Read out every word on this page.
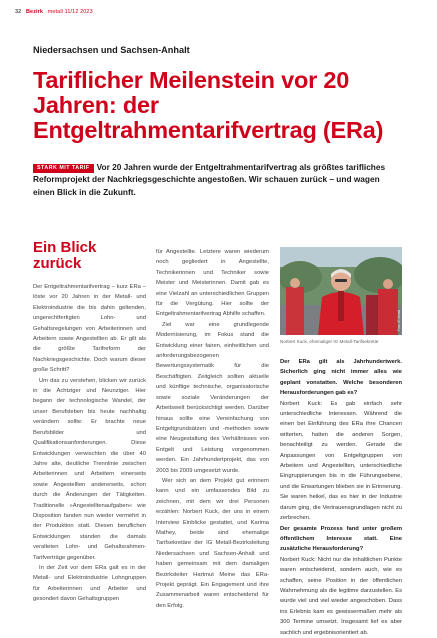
32 Bezirk metall 11/12 2023
Niedersachsen und Sachsen-Anhalt
Tariflicher Meilenstein vor 20 Jahren: der Entgeltrahmentarifvertrag (ERa)
STARK MIT TARIF Vor 20 Jahren wurde der Entgeltrahmentarifvertrag als größtes tarifliches Reformprojekt der Nachkriegsgeschichte angestoßen. Wir schauen zurück – und wagen einen Blick in die Zukunft.
Ein Blick zurück

Der Entgeltrahmentarifvertrag – kurz ERa – löste vor 20 Jahren in der Metall- und Elektroindustrie die bis dahin geltenden, ungerechtfertigten Lohn- und Gehaltsregelungen von Arbeiterinnen und Arbeitern sowie Angestellten ab. Er gilt als die größte Tarifreform der Nachkriegsgeschichte. Doch warum dieser große Schritt?

Um das zu verstehen, blicken wir zurück in die Achtziger und Neunziger. Hier begann der technologische Wandel, der unser Berufsleben bis heute nachhaltig verändern sollte: Er brachte neue Berufsbilder und Qualifikationsanforderungen. Diese Entwicklungen verwischten die über 40 Jahre alte, deutliche Trennlinie zwischen Arbeiterinnen und Arbeitern einerseits sowie Angestellten andererseits, schon durch die Änderungen der Tätigkeiten. Traditionelle »Angestelltenaufgaben« wie Disposition fanden nun wieder vermehrt in der Produktion statt. Diesen beruflichen Entwicklungen standen die damals veralteten Lohn- und Gehaltsrahmen-Tarifverträge gegenüber.

In der Zeit vor dem ERa galt es in der Metall- und Elektroindustrie Lohngruppen für Arbeiterinnen und Arbeiter und gesondert davon Gehaltsgruppen

für Angestellte. Letztere waren wiederum noch gegliedert in Angestellte, Technikerinnen und Techniker sowie Meister und Meisterinnen. Damit gab es eine Vielzahl an unterschiedlichen Gruppen für die Vergütung. Hier sollte der Entgeltrahmentarifvertrag Abhilfe schaffen.

Ziel war eine grundlegende Modernisierung, im Fokus stand die Entwicklung einer fairen, einheitlichen und anforderungsbezogenen Bewertungssystematik für die Beschäftigten. Zeitgleich sollten aktuelle und künftige technische, organisatorische sowie soziale Veränderungen der Arbeitswelt berücksichtigt werden. Darüber hinaus sollte eine Vereinfachung von Entgeltgrundsätzen und -methoden sowie eine Neugestaltung des Verhältnisses von Entgelt und Leistung vorgenommen werden. Ein Jahrhundertprojekt, das von 2003 bis 2009 umgesetzt wurde.

Wer sich an dem Projekt gut erinnern kann und ein umfassendes Bild zu zeichnen, mit dem wir drei Personen erzählen: Norbert Kuck, der uns in einem Interview Einblicke gestattet, und Karima Mathey, beide sind ehemalige Tarifsekretäre der IG Metall-Bezirksleitung Niedersachsen und Sachsen-Anhalt und haben gemeinsam mit dem damaligen Bezirksleiter Hartmut Meine das ERa-Projekt geprägt. Ein Engagement und ihre Zusammenarbeit waren entscheidend für den Erfolg.

Foto: IG Metall
Norbert Kuck, ehemaliger IG Metall-Tarifsekretär

Der ERa gilt als Jahrhundertwerk. Sicherlich ging nicht immer alles wie geplant vonstatten. Welche besonderen Herausforderungen gab es?

Norbert Kuck: Es gab einfach sehr unterschiedliche Interessen. Während die einen bei Einführung des ERa ihre Chancen witterten, hatten die anderen Sorgen, benachteiligt zu werden. Gerade die Anpassungen von Entgeltgruppen von Arbeitern und Angestellten, unterschiedliche Eingruppierungen bis in die Führungsebene, und die Erwartungen blieben sie in Erinnerung. Sie waren heikel, das es hier in der Industrie darum ging, die Vertrauensgrundlagen nicht zu zerbrechen.

Der gesamte Prozess fand unter großem öffentlichem Interesse statt. Eine zusätzliche Herausforderung?

Norbert Kuck: Nicht nur die inhaltlichen Punkte waren entscheidend, sondern auch, wie es schaffen, seine Position in der öffentlichen Wahrnehmung als die legitime darzustellen. Es wurde viel und viel wieder angeschoben. Dass ins Erlebnis kam es gewissermaßen mehr als 300 Termine umsetzt. Insgesamt lief es aber sachlich und ergebnisorientiert ab.
